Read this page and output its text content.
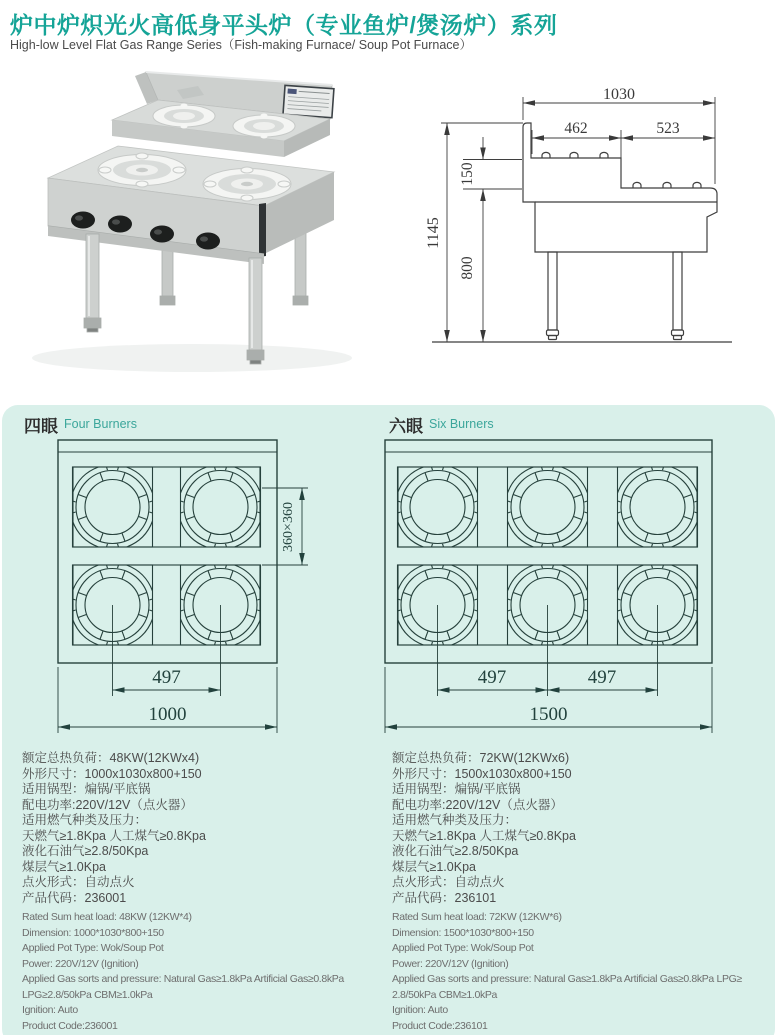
炉中炉炽光火高低身平头炉（专业鱼炉/煲汤炉）系列
High-low Level Flat Gas Range Series（Fish-making Furnace/ Soup Pot Furnace）
1030
462	523
150
800
1145
四眼 Four Burners
360×360
497
1000
额定总热负荷：48KW(12KWx4)
外形尺寸：1000x1030x800+150
适用锅型：煸锅/平底锅
配电功率:220V/12V（点火器）
适用燃气种类及压力：
天燃气≥1.8Kpa 人工煤气≥0.8Kpa
液化石油气≥2.8/50Kpa
煤层气≥1.0Kpa
点火形式：自动点火
产品代码：236001
Rated Sum heat load: 48KW (12KW*4)
Dimension: 1000*1030*800+150
Applied Pot Type: Wok/Soup Pot
Power: 220V/12V (Ignition)
Applied Gas sorts and pressure: Natural Gas≥1.8kPa Artificial Gas≥0.8kPa
LPG≥2.8/50kPa CBM≥1.0kPa
Ignition: Auto
Product Code:236001
六眼 Six Burners
497	497
1500
额定总热负荷：72KW(12KWx6)
外形尺寸：1500x1030x800+150
适用锅型：煸锅/平底锅
配电功率:220V/12V（点火器）
适用燃气种类及压力：
天燃气≥1.8Kpa 人工煤气≥0.8Kpa
液化石油气≥2.8/50Kpa
煤层气≥1.0Kpa
点火形式：自动点火
产品代码：236101
Rated Sum heat load: 72KW (12KW*6)
Dimension: 1500*1030*800+150
Applied Pot Type: Wok/Soup Pot
Power: 220V/12V (Ignition)
Applied Gas sorts and pressure: Natural Gas≥1.8kPa Artificial Gas≥0.8kPa LPG≥
2.8/50kPa CBM≥1.0kPa
Ignition: Auto
Product Code:236101
